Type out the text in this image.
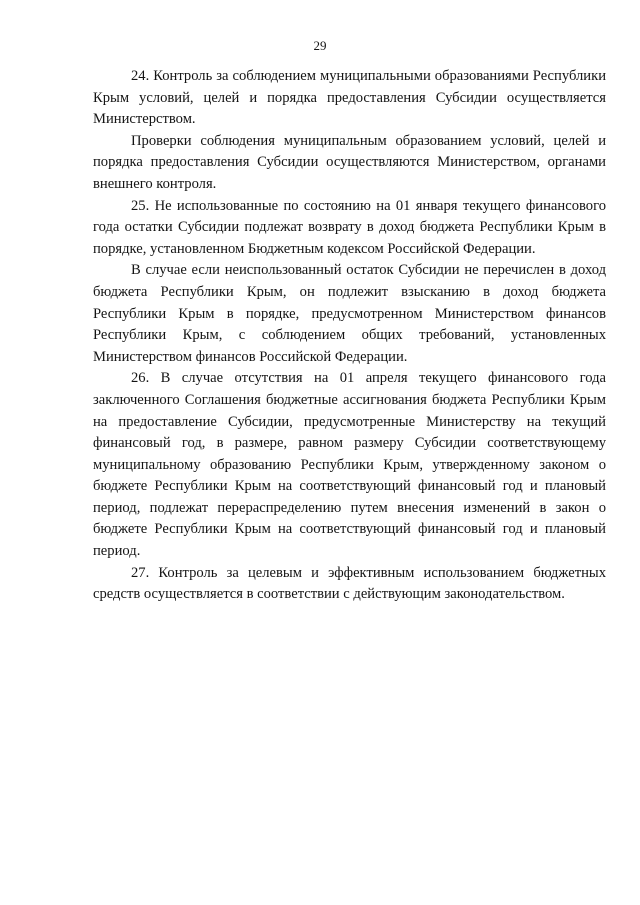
29

24. Контроль за соблюдением муниципальными образованиями Республики Крым условий, целей и порядка предоставления Субсидии осуществляется Министерством.

Проверки соблюдения муниципальным образованием условий, целей и порядка предоставления Субсидии осуществляются Министерством, органами внешнего контроля.

25. Не использованные по состоянию на 01 января текущего финансового года остатки Субсидии подлежат возврату в доход бюджета Республики Крым в порядке, установленном Бюджетным кодексом Российской Федерации.

В случае если неиспользованный остаток Субсидии не перечислен в доход бюджета Республики Крым, он подлежит взысканию в доход бюджета Республики Крым в порядке, предусмотренном Министерством финансов Республики Крым, с соблюдением общих требований, установленных Министерством финансов Российской Федерации.

26. В случае отсутствия на 01 апреля текущего финансового года заключенного Соглашения бюджетные ассигнования бюджета Республики Крым на предоставление Субсидии, предусмотренные Министерству на текущий финансовый год, в размере, равном размеру Субсидии соответствующему муниципальному образованию Республики Крым, утвержденному законом о бюджете Республики Крым на соответствующий финансовый год и плановый период, подлежат перераспределению путем внесения изменений в закон о бюджете Республики Крым на соответствующий финансовый год и плановый период.

27. Контроль за целевым и эффективным использованием бюджетных средств осуществляется в соответствии с действующим законодательством.
